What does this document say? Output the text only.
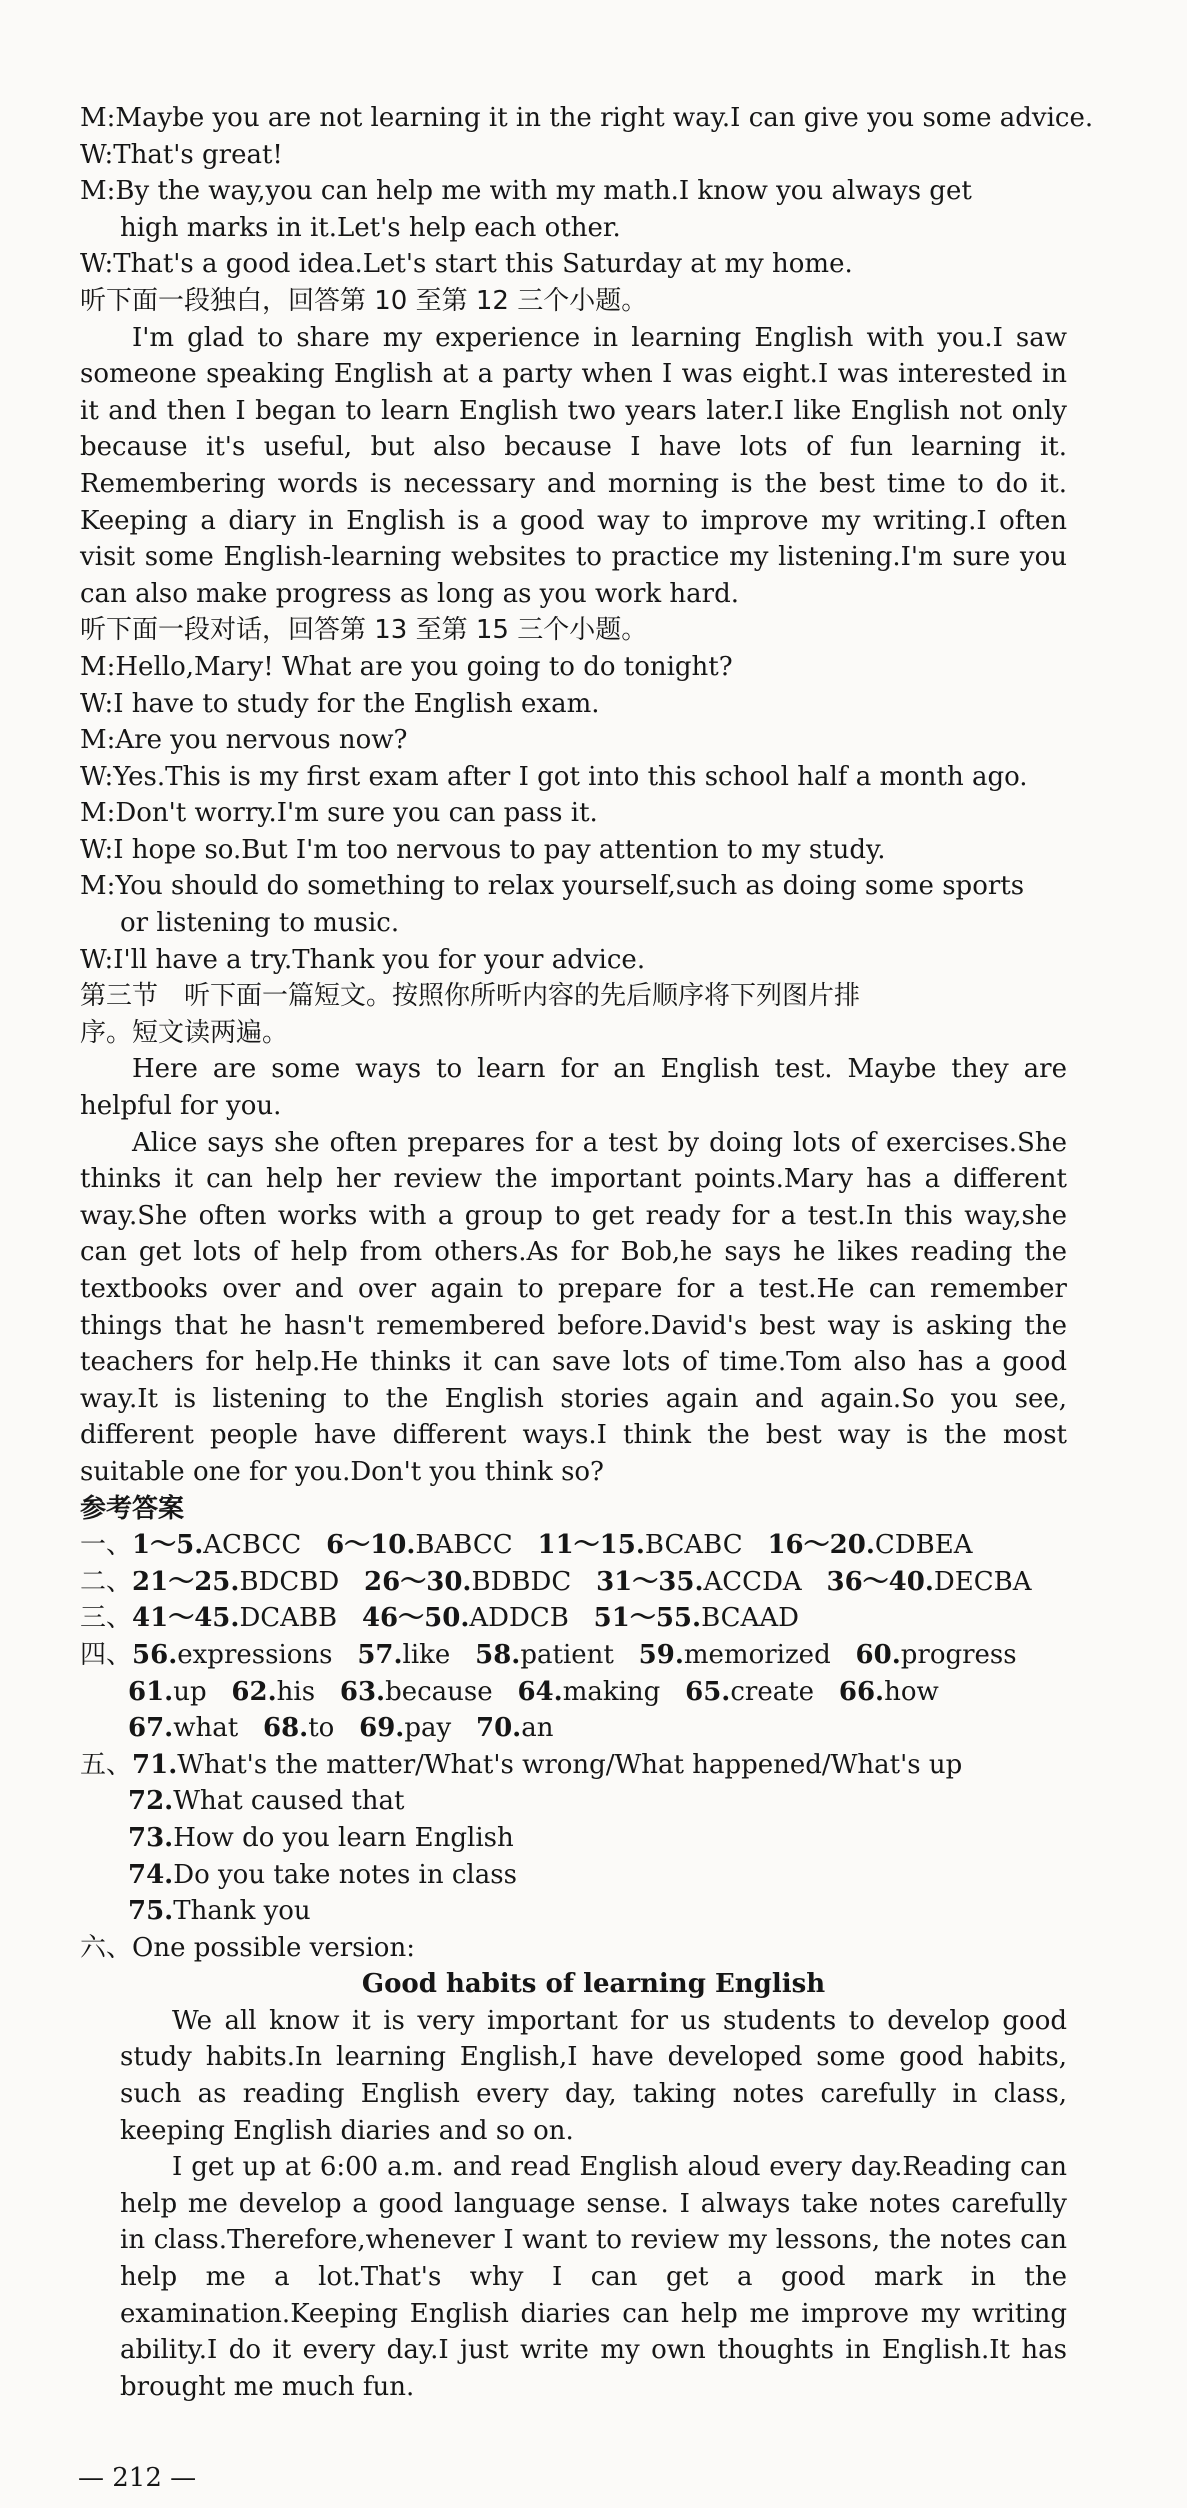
M:Maybe you are not learning it in the right way.I can give you some advice.
W:That's great!
M:By the way,you can help me with my math.I know you always get
high marks in it.Let's help each other.
W:That's a good idea.Let's start this Saturday at my home.
听下面一段独白，回答第 10 至第 12 三个小题。
I'm glad to share my experience in learning English with you.I saw someone speaking English at a party when I was eight.I was interested in it and then I began to learn English two years later.I like English not only because it's useful, but also because I have lots of fun learning it. Remembering words is necessary and morning is the best time to do it. Keeping a diary in English is a good way to improve my writing.I often visit some English-learning websites to practice my listening.I'm sure you can also make progress as long as you work hard.
听下面一段对话，回答第 13 至第 15 三个小题。
M:Hello,Mary! What are you going to do tonight?
W:I have to study for the English exam.
M:Are you nervous now?
W:Yes.This is my first exam after I got into this school half a month ago.
M:Don't worry.I'm sure you can pass it.
W:I hope so.But I'm too nervous to pay attention to my study.
M:You should do something to relax yourself,such as doing some sports
or listening to music.
W:I'll have a try.Thank you for your advice.
第三节　听下面一篇短文。按照你所听内容的先后顺序将下列图片排
序。短文读两遍。
Here are some ways to learn for an English test. Maybe they are helpful for you.
Alice says she often prepares for a test by doing lots of exercises.She thinks it can help her review the important points.Mary has a different way.She often works with a group to get ready for a test.In this way,she can get lots of help from others.As for Bob,he says he likes reading the textbooks over and over again to prepare for a test.He can remember things that he hasn't remembered before.David's best way is asking the teachers for help.He thinks it can save lots of time.Tom also has a good way.It is listening to the English stories again and again.So you see, different people have different ways.I think the best way is the most suitable one for you.Don't you think so?
参考答案
一、1～5.ACBCC 6～10.BABCC 11～15.BCABC 16～20.CDBEA
二、21～25.BDCBD 26～30.BDBDC 31～35.ACCDA 36～40.DECBA
三、41～45.DCABB 46～50.ADDCB 51～55.BCAAD
四、56.expressions 57.like 58.patient 59.memorized 60.progress
61.up 62.his 63.because 64.making 65.create 66.how
67.what 68.to 69.pay 70.an
五、71.What's the matter/What's wrong/What happened/What's up
72.What caused that
73.How do you learn English
74.Do you take notes in class
75.Thank you
六、One possible version:
Good habits of learning English
We all know it is very important for us students to develop good study habits.In learning English,I have developed some good habits, such as reading English every day, taking notes carefully in class, keeping English diaries and so on.
I get up at 6:00 a.m. and read English aloud every day.Reading can help me develop a good language sense. I always take notes carefully in class.Therefore,whenever I want to review my lessons, the notes can help me a lot.That's why I can get a good mark in the examination.Keeping English diaries can help me improve my writing ability.I do it every day.I just write my own thoughts in English.It has brought me much fun.
— 212 —
